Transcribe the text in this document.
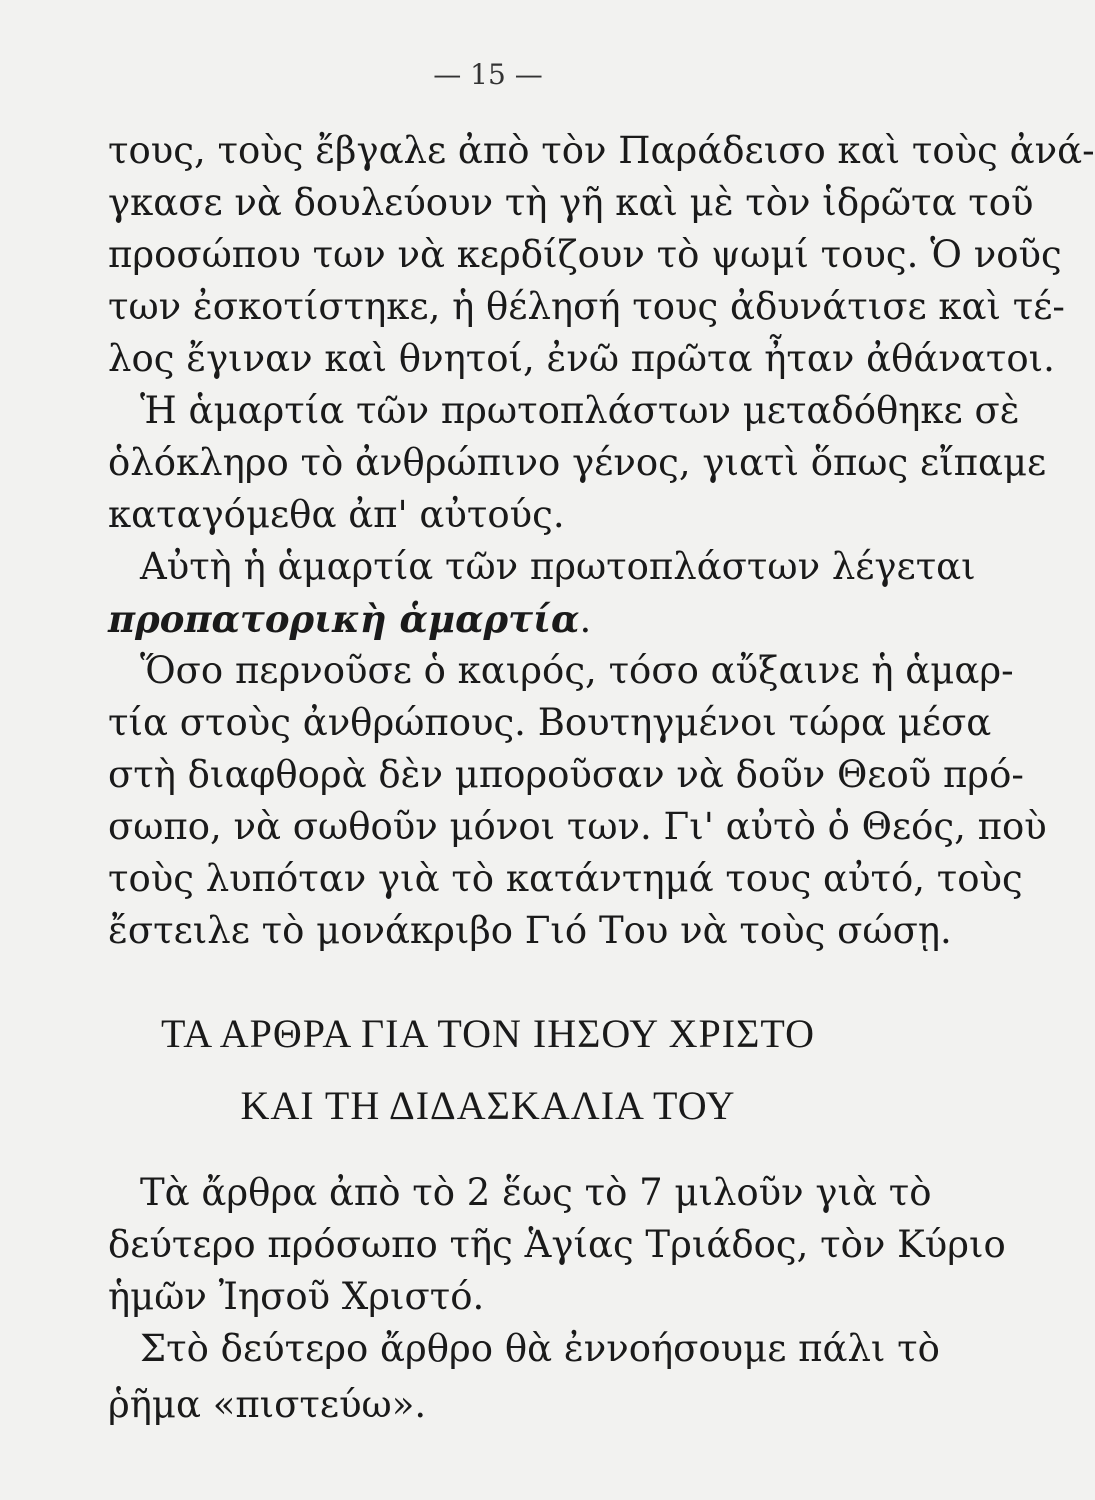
— 15 —
τους, τοὺς ἔβγαλε ἀπὸ τὸν Παράδεισο καὶ τοὺς ἀνά-
γκασε νὰ δουλεύουν τὴ γῆ καὶ μὲ τὸν ἱδρῶτα τοῦ
προσώπου των νὰ κερδίζουν τὸ ψωμί τους. Ὁ νοῦς
των ἐσκοτίστηκε, ἡ θέλησή τους ἀδυνάτισε καὶ τέ-
λος ἔγιναν καὶ θνητοί, ἐνῶ πρῶτα ἦταν ἀθάνατοι.
Ἡ ἁμαρτία τῶν πρωτοπλάστων μεταδόθηκε σὲ
ὁλόκληρο τὸ ἀνθρώπινο γένος, γιατὶ ὅπως εἴπαμε
καταγόμεθα ἀπ' αὐτούς.
Αὐτὴ ἡ ἁμαρτία τῶν πρωτοπλάστων λέγεται
προπατορικὴ ἁμαρτία.
Ὅσο περνοῦσε ὁ καιρός, τόσο αὔξαινε ἡ ἁμαρ-
τία στοὺς ἀνθρώπους. Βουτηγμένοι τώρα μέσα
στὴ διαφθορὰ δὲν μποροῦσαν νὰ δοῦν Θεοῦ πρό-
σωπο, νὰ σωθοῦν μόνοι των. Γι' αὐτὸ ὁ Θεός, ποὺ
τοὺς λυπόταν γιὰ τὸ κατάντημά τους αὐτό, τοὺς
ἔστειλε τὸ μονάκριβο Γιό Του νὰ τοὺς σώσῃ.
ΤΑ ΑΡΘΡΑ ΓΙΑ ΤΟΝ ΙΗΣΟΥ ΧΡΙΣΤΟ
ΚΑΙ ΤΗ ΔΙΔΑΣΚΑΛΙΑ ΤΟΥ
Τὰ ἄρθρα ἀπὸ τὸ 2 ἕως τὸ 7 μιλοῦν γιὰ τὸ
δεύτερο πρόσωπο τῆς Ἁγίας Τριάδος, τὸν Κύριο
ἡμῶν Ἰησοῦ Χριστό.
Στὸ δεύτερο ἄρθρο θὰ ἐννοήσουμε πάλι τὸ
ῥῆμα «πιστεύω».
